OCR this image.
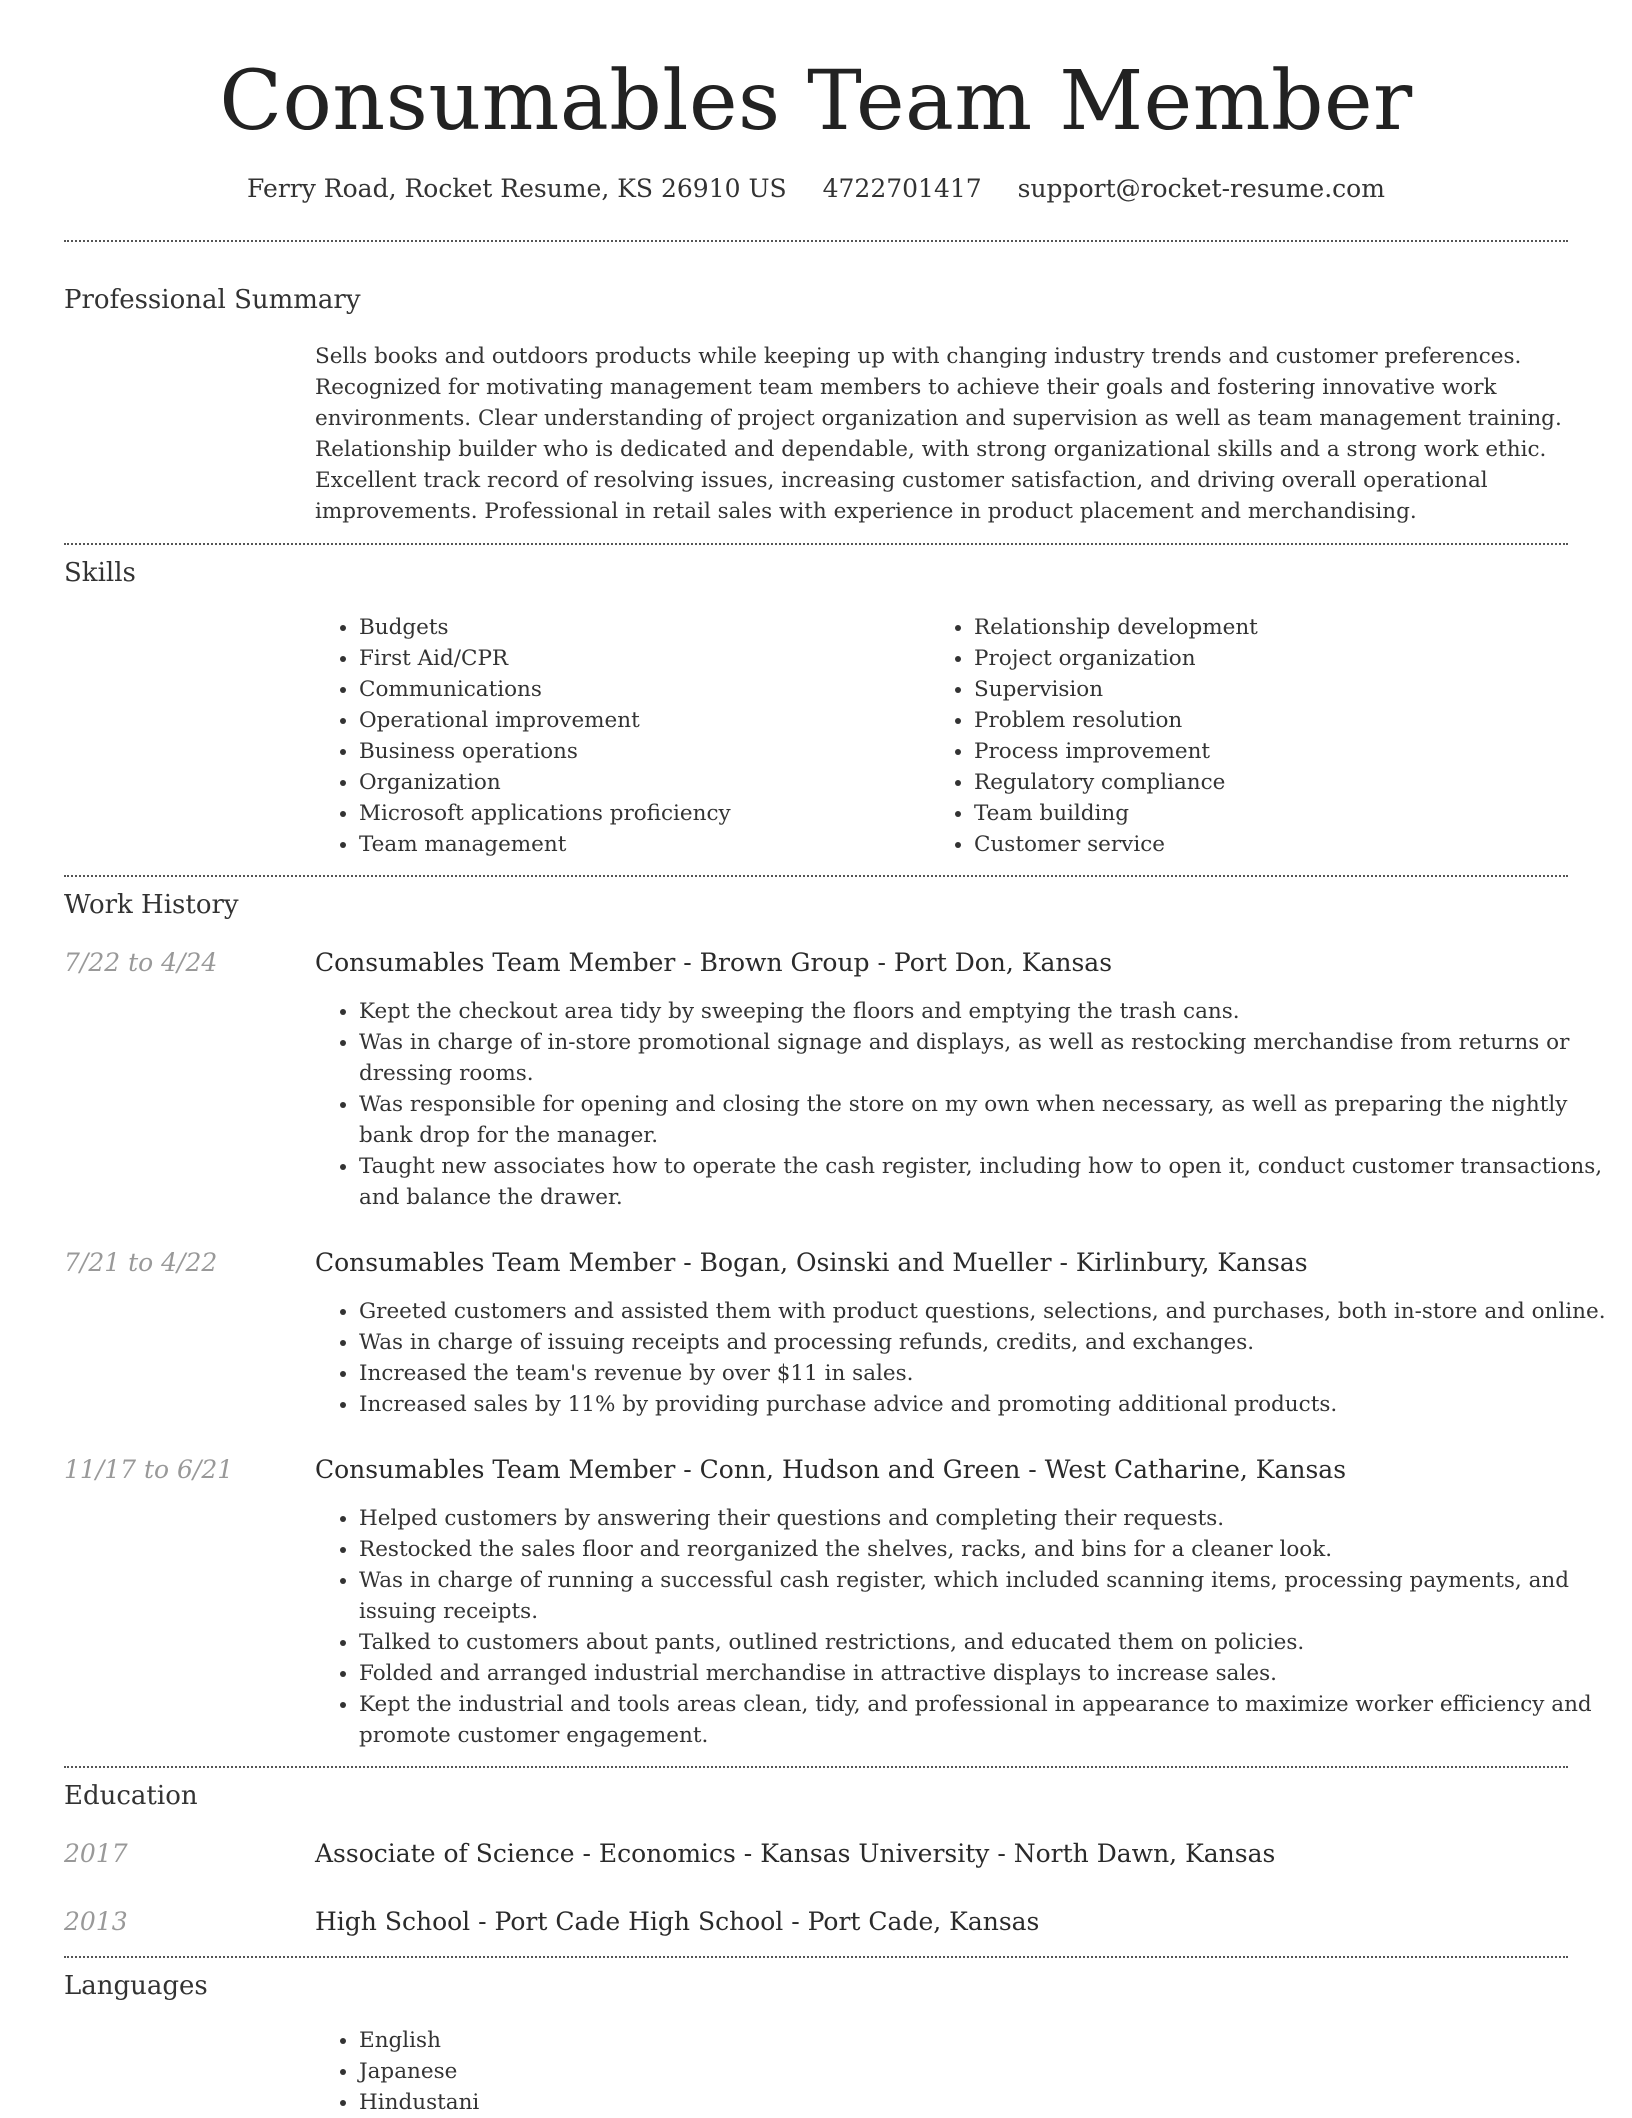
Consumables Team Member
Ferry Road, Rocket Resume, KS 26910 US 4722701417 support@rocket-resume.com
Professional Summary

Sells books and outdoors products while keeping up with changing industry trends and customer preferences. Recognized for motivating management team members to achieve their goals and fostering innovative work environments. Clear understanding of project organization and supervision as well as team management training. Relationship builder who is dedicated and dependable, with strong organizational skills and a strong work ethic. Excellent track record of resolving issues, increasing customer satisfaction, and driving overall operational improvements. Professional in retail sales with experience in product placement and merchandising.

Skills
• Budgets
• First Aid/CPR
• Communications
• Operational improvement
• Business operations
• Organization
• Microsoft applications proficiency
• Team management
• Relationship development
• Project organization
• Supervision
• Problem resolution
• Process improvement
• Regulatory compliance
• Team building
• Customer service
Work History
7/22 to 4/24	Consumables Team Member - Brown Group - Port Don, Kansas
• Kept the checkout area tidy by sweeping the floors and emptying the trash cans.
• Was in charge of in-store promotional signage and displays, as well as restocking merchandise from returns or dressing rooms.
• Was responsible for opening and closing the store on my own when necessary, as well as preparing the nightly bank drop for the manager.
• Taught new associates how to operate the cash register, including how to open it, conduct customer transactions, and balance the drawer.
7/21 to 4/22	Consumables Team Member - Bogan, Osinski and Mueller - Kirlinbury, Kansas
• Greeted customers and assisted them with product questions, selections, and purchases, both in-store and online.
• Was in charge of issuing receipts and processing refunds, credits, and exchanges.
• Increased the team's revenue by over $11 in sales.
• Increased sales by 11% by providing purchase advice and promoting additional products.
11/17 to 6/21	Consumables Team Member - Conn, Hudson and Green - West Catharine, Kansas
• Helped customers by answering their questions and completing their requests.
• Restocked the sales floor and reorganized the shelves, racks, and bins for a cleaner look.
• Was in charge of running a successful cash register, which included scanning items, processing payments, and issuing receipts.
• Talked to customers about pants, outlined restrictions, and educated them on policies.
• Folded and arranged industrial merchandise in attractive displays to increase sales.
• Kept the industrial and tools areas clean, tidy, and professional in appearance to maximize worker efficiency and promote customer engagement.
Education
2017	Associate of Science - Economics - Kansas University - North Dawn, Kansas
2013	High School - Port Cade High School - Port Cade, Kansas
Languages
• English
• Japanese
• Hindustani
